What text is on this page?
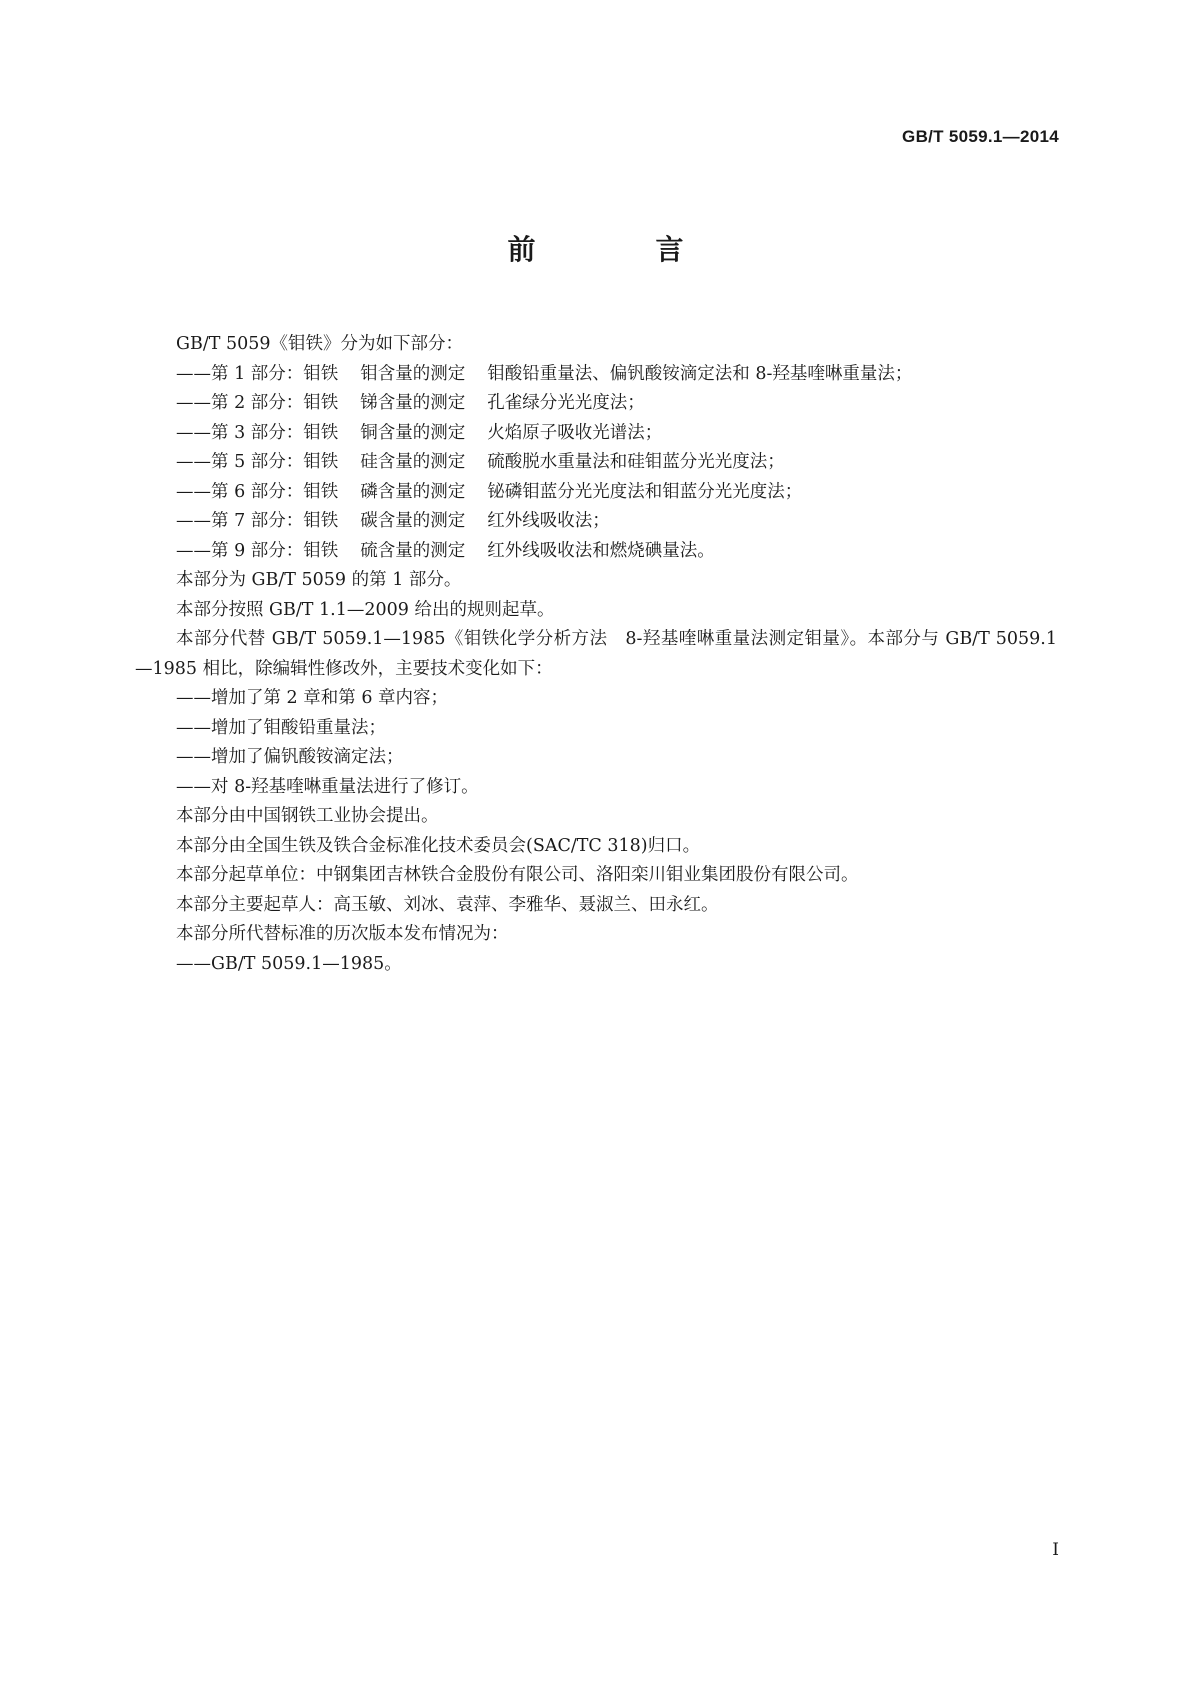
GB/T 5059.1—2014
前　言

GB/T 5059《钼铁》分为如下部分：

——第 1 部分：钼铁 钼含量的测定 钼酸铅重量法、偏钒酸铵滴定法和 8-羟基喹啉重量法；

——第 2 部分：钼铁 锑含量的测定 孔雀绿分光光度法；

——第 3 部分：钼铁 铜含量的测定 火焰原子吸收光谱法；

——第 5 部分：钼铁 硅含量的测定 硫酸脱水重量法和硅钼蓝分光光度法；

——第 6 部分：钼铁 磷含量的测定 铋磷钼蓝分光光度法和钼蓝分光光度法；

——第 7 部分：钼铁 碳含量的测定 红外线吸收法；

——第 9 部分：钼铁 硫含量的测定 红外线吸收法和燃烧碘量法。

本部分为 GB/T 5059 的第 1 部分。

本部分按照 GB/T 1.1—2009 给出的规则起草。

本部分代替 GB/T 5059.1—1985《钼铁化学分析方法　8-羟基喹啉重量法测定钼量》。本部分与 GB/T 5059.1—1985 相比，除编辑性修改外，主要技术变化如下：

——增加了第 2 章和第 6 章内容；

——增加了钼酸铅重量法；

——增加了偏钒酸铵滴定法；

——对 8-羟基喹啉重量法进行了修订。

本部分由中国钢铁工业协会提出。

本部分由全国生铁及铁合金标准化技术委员会(SAC/TC 318)归口。

本部分起草单位：中钢集团吉林铁合金股份有限公司、洛阳栾川钼业集团股份有限公司。

本部分主要起草人：高玉敏、刘冰、袁萍、李雅华、聂淑兰、田永红。

本部分所代替标准的历次版本发布情况为：

——GB/T 5059.1—1985。

I
